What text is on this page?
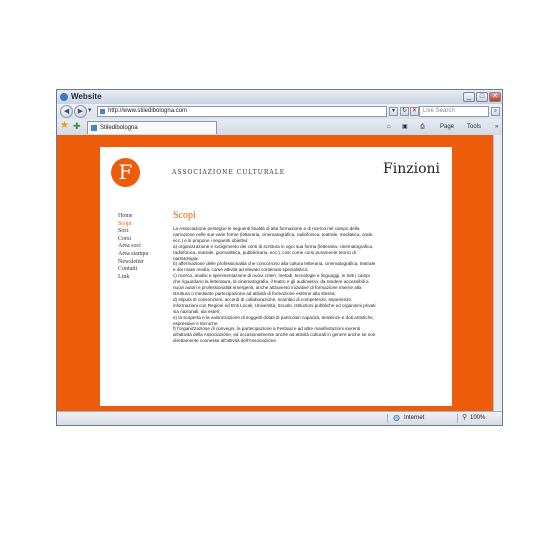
Website	_	□	✕
◀	▶ ▾	http://www.stiledibologna.com	▾	↻ ✕ Live Search	⌕
★ ✚	Stiledibologna	⌂ ▣ ⎙	Page Tools »
F	ASSOCIAZIONE CULTURALE	Finzioni
Home
Scopi
Soci
Corsi
Area soci
Area stampa
Newsletter
Contatti
Link
Scopi
La Associazione persegue le seguenti finalità di alta formazione e di ricerca nel campo della
narrazione nelle sue varie forme (letteraria, cinematografica, radiofonica, teatrale, mediatica, orale,
ecc.) e si propone i seguenti obiettivi:
a) organizzazione e svolgimento dei corsi di scrittura in ogni sua forma (letteraria, cinematografica,
radiofonica, teatrale, giornalistica, pubblicitaria, ecc.), così come corsi puramente teorici di
narratologia;
b) affermazione delle professionalità che concorrono alla cultura letteraria, cinematografica, teatrale
e dei mass media, come attività ad elevato contenuto specialistico;
c) ricerca, analisi e sperimentazione di nuovi criteri, metodi, tecnologie e linguaggi, in tutti i campi
che riguardano la letteratura, la cinematografia, il teatro e gli audiovisivi, da rendere accessibili a
nuovi autori e professionalità emergenti, anche attraverso iniziative di formazione interne alla
struttura o mediante partecipazione ad attività di formazione esterne alla stessa;
d) stipula di convenzioni, accordi di collaborazione, scambio di competenze, esperienze,
informazioni con Regioni ed Enti Locali, Università, Scuole, Istituzioni pubbliche ed organismi privati
sia nazionali, sia esteri;
e) la scoperta e la valorizzazione di soggetti dotati di particolari capacità, tendenze e doti artistiche,
espressive e tecniche;
f) l'organizzazione di convegni, la partecipazione a Festival e ad altre manifestazioni inerenti
all'attività della Associazione, ed occasionalmente anche ad attività culturali in genere anche se non
direttamente connesse all'attività dell'Associazione.
◍ Internet	⚲ 100%
